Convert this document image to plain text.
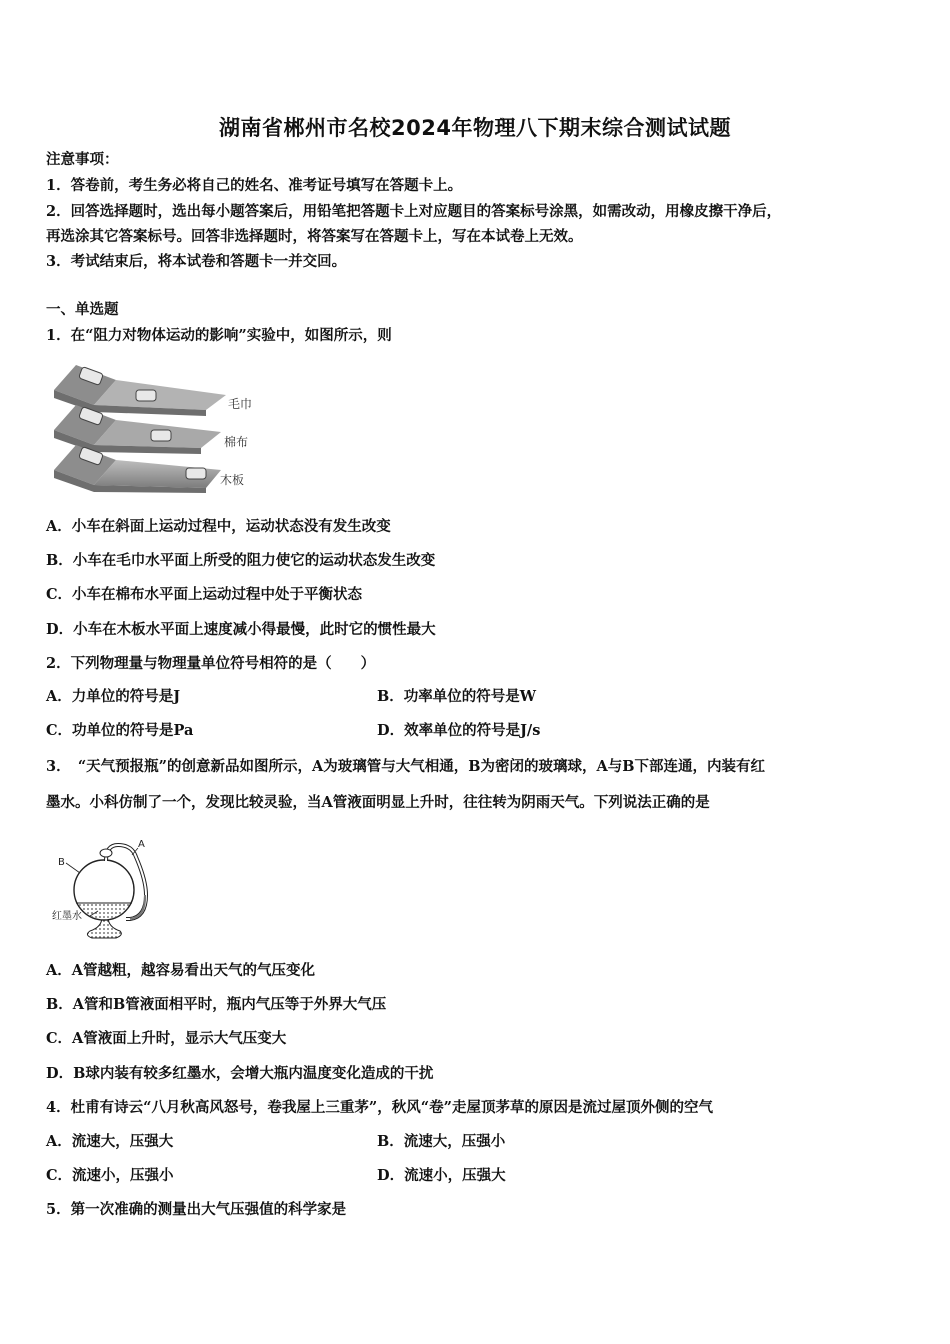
湖南省郴州市名校2024年物理八下期末综合测试试题
注意事项：
1．答卷前，考生务必将自己的姓名、准考证号填写在答题卡上。
2．回答选择题时，选出每小题答案后，用铅笔把答题卡上对应题目的答案标号涂黑，如需改动，用橡皮擦干净后，
再选涂其它答案标号。回答非选择题时，将答案写在答题卡上，写在本试卷上无效。
3．考试结束后，将本试卷和答题卡一并交回。
一、单选题
1．在“阻力对物体运动的影响”实验中，如图所示，则
毛巾
棉布
木板
A．小车在斜面上运动过程中，运动状态没有发生改变
B．小车在毛巾水平面上所受的阻力使它的运动状态发生改变
C．小车在棉布水平面上运动过程中处于平衡状态
D．小车在木板水平面上速度减小得最慢，此时它的惯性最大
2．下列物理量与物理量单位符号相符的是（　　）
A．力单位的符号是J	B．功率单位的符号是W
C．功单位的符号是Pa	D．效率单位的符号是J/s
3．　“天气预报瓶”的创意新品如图所示，A为玻璃管与大气相通，B为密闭的玻璃球，A与B下部连通，内装有红
墨水。小科仿制了一个，发现比较灵验，当A管液面明显上升时，往往转为阴雨天气。下列说法正确的是
A
B
红墨水
A．A管越粗，越容易看出天气的气压变化
B．A管和B管液面相平时，瓶内气压等于外界大气压
C．A管液面上升时，显示大气压变大
D．B球内装有较多红墨水，会增大瓶内温度变化造成的干扰
4．杜甫有诗云“八月秋高风怒号，卷我屋上三重茅”，秋风“卷”走屋顶茅草的原因是流过屋顶外侧的空气
A．流速大，压强大	B．流速大，压强小
C．流速小，压强小	D．流速小，压强大
5．第一次准确的测量出大气压强值的科学家是
